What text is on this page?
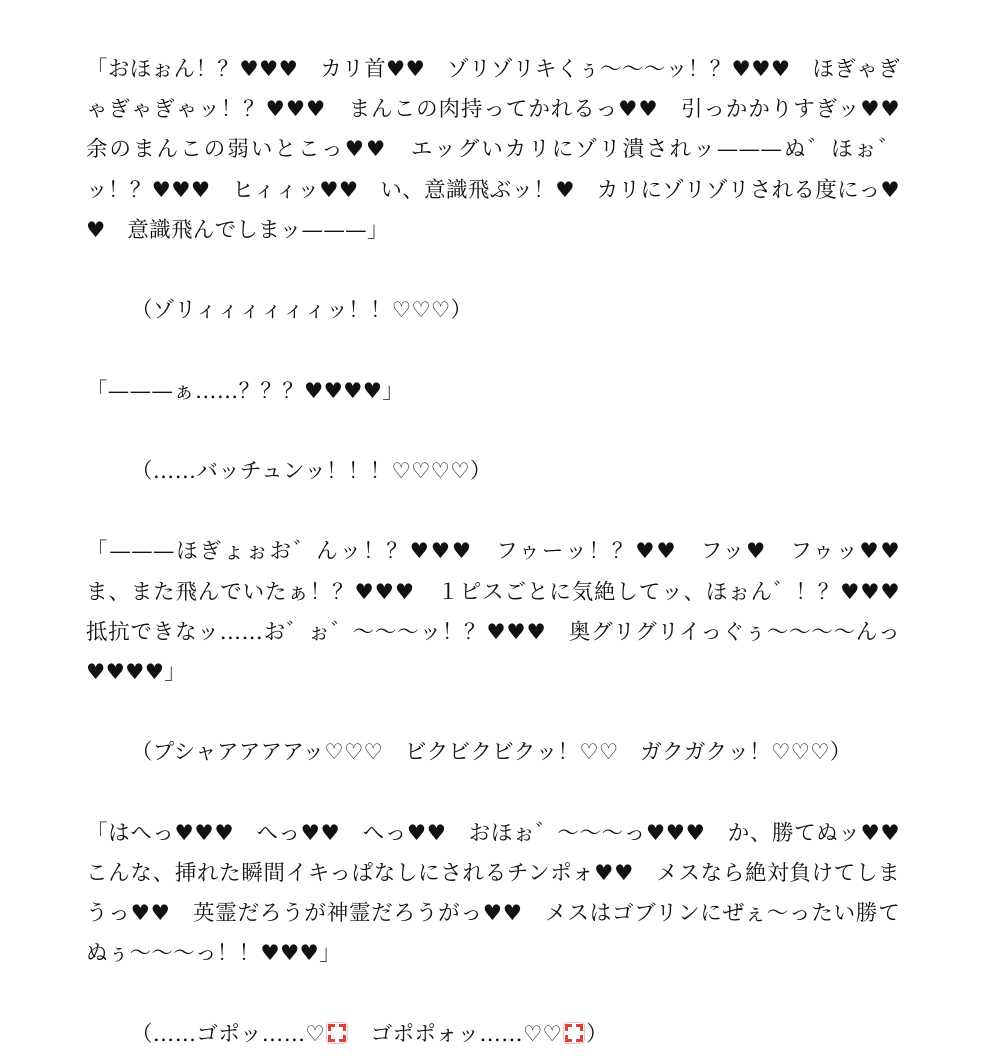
「おほぉん！？♥♥♥　カリ首♥♥　ゾリゾリキくぅ〜〜〜ッ！？♥♥♥　ほぎゃぎゃぎゃぎゃッ！？♥♥♥　まんこの肉持ってかれるっ♥♥　引っかかりすぎッ♥♥　余のまんこの弱いとこっ♥♥　エッグいカリにゾリ潰されッ———ぬ゛ほぉ゛ッ！？♥♥♥　ヒィィッ♥♥　い、意識飛ぶッ！♥　カリにゾリゾリされる度にっ♥♥　意識飛んでしまッ———」

（ゾリィィィィィィッ！！♡♡♡）

「———ぁ……？？？♥♥♥♥」

（……バッチュンッ！！！♡♡♡♡）

「———ほぎょぉお゛んッ！？♥♥♥　フゥーッ！？♥♥　フッ♥　フゥッ♥♥　ま、また飛んでいたぁ！？♥♥♥　１ピスごとに気絶してッ、ほぉん゛！？♥♥♥　抵抗できなッ……お゛ぉ゛〜〜〜ッ！？♥♥♥　奥グリグリイっぐぅ〜〜〜〜んっ♥♥♥♥」

（プシャアアアアッ♡♡♡　ビクビクビクッ！♡♡　ガクガクッ！♡♡♡）

「はへっ♥♥♥　へっ♥♥　へっ♥♥　おほぉ゛〜〜〜っ♥♥♥　か、勝てぬッ♥♥　こんな、挿れた瞬間イキっぱなしにされるチンポォ♥♥　メスなら絶対負けてしまうっ♥♥　英霊だろうが神霊だろうがっ♥♥　メスはゴブリンにぜぇ〜ったい勝てぬぅ〜〜〜っ！！♥♥♥」

（……ゴポッ……♡　ゴポポォッ……♡♡ ）
